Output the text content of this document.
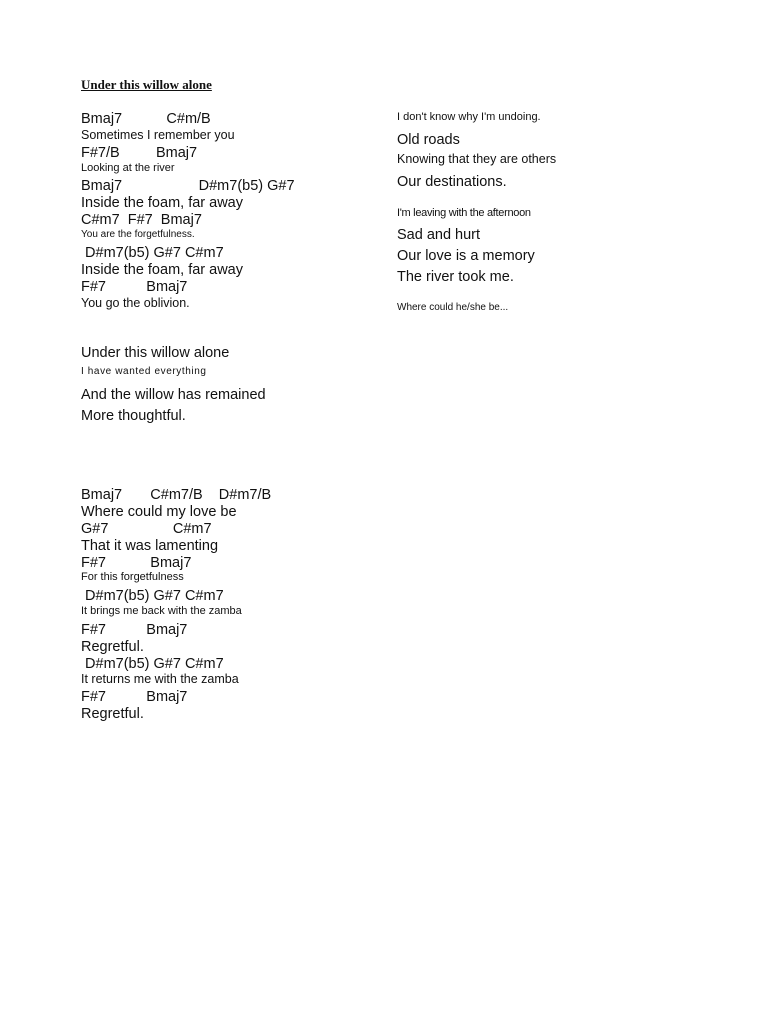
Under this willow alone
Bmaj7           C#m/B
Sometimes I remember you
F#7/B         Bmaj7
Looking at the river
Bmaj7                   D#m7(b5) G#7
Inside the foam, far away
C#m7  F#7  Bmaj7
You are the forgetfulness.
D#m7(b5) G#7 C#m7
Inside the foam, far away
F#7          Bmaj7
You go the oblivion.
Under this willow alone
I have wanted everything
And the willow has remained
More thoughtful.
Bmaj7       C#m7/B    D#m7/B
Where could my love be
G#7                C#m7
That it was lamenting
F#7           Bmaj7
For this forgetfulness
D#m7(b5) G#7 C#m7
It brings me back with the zamba
F#7          Bmaj7
Regretful.
D#m7(b5) G#7 C#m7
It returns me with the zamba
F#7          Bmaj7
Regretful.
I don't know why I'm undoing.
Old roads
Knowing that they are others
Our destinations.
I'm leaving with the afternoon
Sad and hurt
Our love is a memory
The river took me.
Where could he/she be...
